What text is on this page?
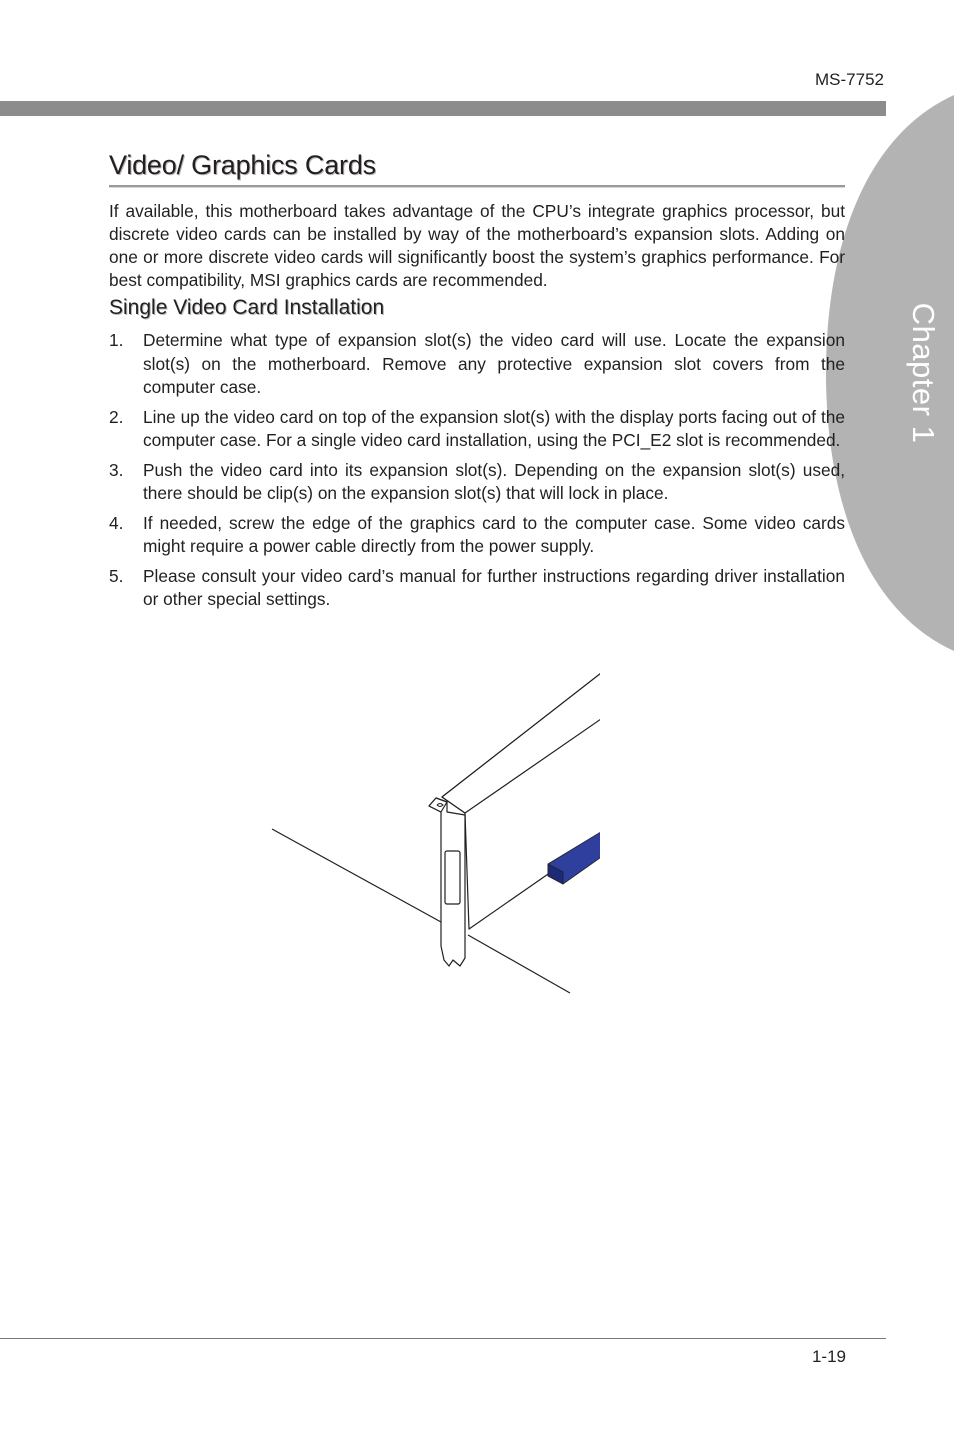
MS-7752
Chapter 1
Video/ Graphics Cards

If available, this motherboard takes advantage of the CPU’s integrate graphics processor, but discrete video cards can be installed by way of the motherboard’s expansion slots. Adding on one or more discrete video cards will significantly boost the system’s graphics performance. For best compatibility, MSI graphics cards are recommended.

Single Video Card Installation
1. Determine what type of expansion slot(s) the video card will use. Locate the expansion slot(s) on the motherboard. Remove any protective expansion slot covers from the computer case.
2. Line up the video card on top of the expansion slot(s) with the display ports facing out of the computer case. For a single video card installation, using the PCI_E2 slot is recommended.
3. Push the video card into its expansion slot(s). Depending on the expansion slot(s) used, there should be clip(s) on the expansion slot(s) that will lock in place.
4. If needed, screw the edge of the graphics card to the computer case. Some video cards might require a power cable directly from the power supply.
5. Please consult your video card’s manual for further instructions regarding driver installation or other special settings.
1-19
